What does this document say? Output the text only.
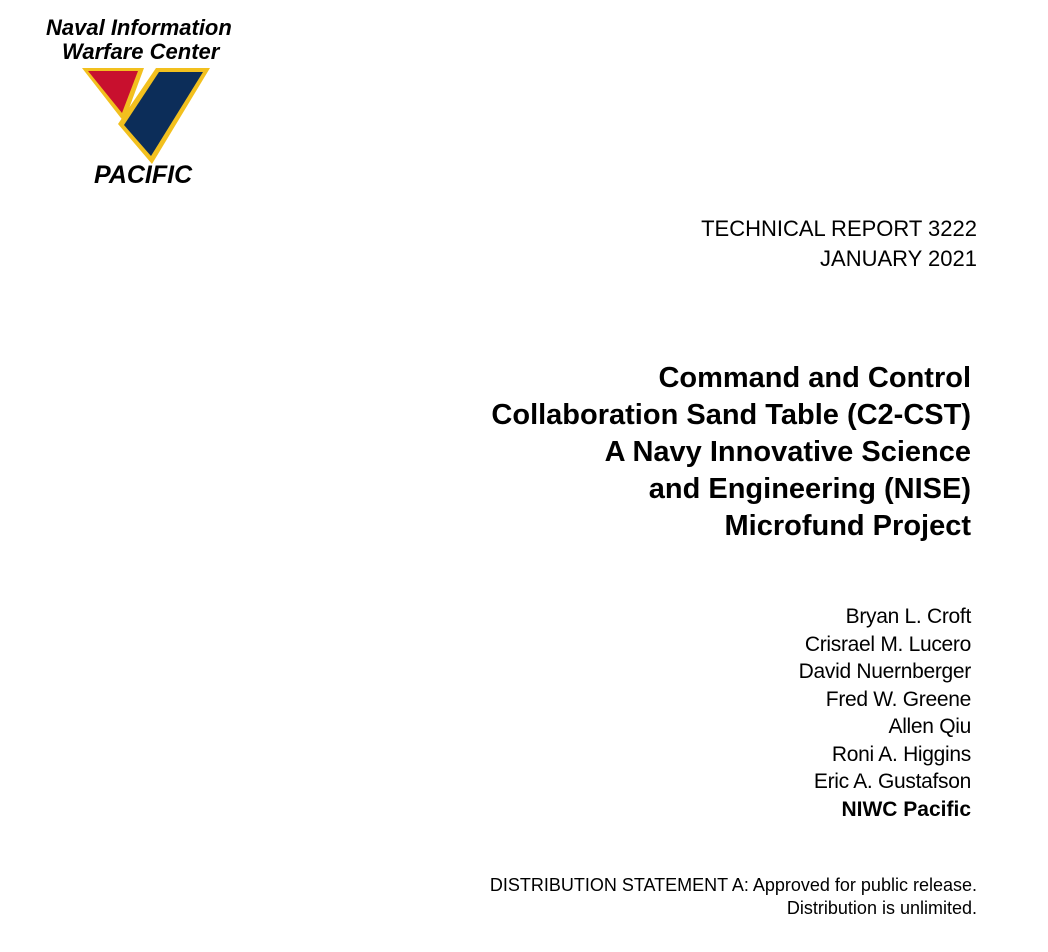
Naval Information
Warfare Center
PACIFIC
TECHNICAL REPORT 3222
JANUARY 2021
Command and Control
Collaboration Sand Table (C2-CST)
A Navy Innovative Science
and Engineering (NISE)
Microfund Project
Bryan L. Croft
Crisrael M. Lucero
David Nuernberger
Fred W. Greene
Allen Qiu
Roni A. Higgins
Eric A. Gustafson
NIWC Pacific
DISTRIBUTION STATEMENT A: Approved for public release.
Distribution is unlimited.
